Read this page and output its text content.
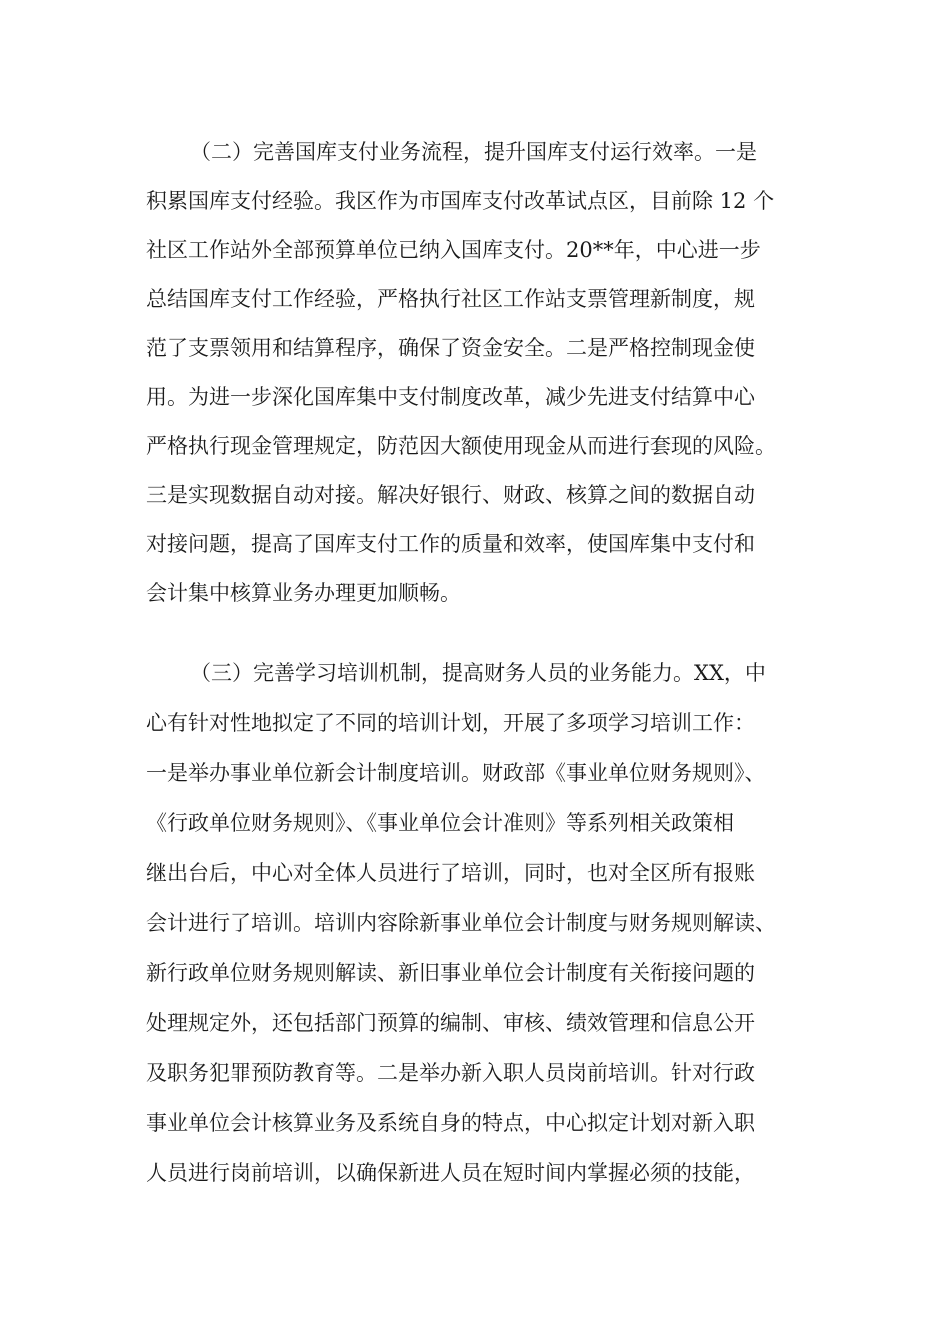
（二）完善国库支付业务流程，提升国库支付运行效率。一是
积累国库支付经验。我区作为市国库支付改革试点区，目前除 12 个
社区工作站外全部预算单位已纳入国库支付。20**年，中心进一步
总结国库支付工作经验，严格执行社区工作站支票管理新制度，规
范了支票领用和结算程序，确保了资金安全。二是严格控制现金使
用。为进一步深化国库集中支付制度改革，减少先进支付结算中心
严格执行现金管理规定，防范因大额使用现金从而进行套现的风险。
三是实现数据自动对接。解决好银行、财政、核算之间的数据自动
对接问题，提高了国库支付工作的质量和效率，使国库集中支付和
会计集中核算业务办理更加顺畅。
（三）完善学习培训机制，提高财务人员的业务能力。XX，中
心有针对性地拟定了不同的培训计划，开展了多项学习培训工作：
一是举办事业单位新会计制度培训。财政部《事业单位财务规则》、
《行政单位财务规则》、《事业单位会计准则》等系列相关政策相
继出台后，中心对全体人员进行了培训，同时，也对全区所有报账
会计进行了培训。培训内容除新事业单位会计制度与财务规则解读、
新行政单位财务规则解读、新旧事业单位会计制度有关衔接问题的
处理规定外，还包括部门预算的编制、审核、绩效管理和信息公开
及职务犯罪预防教育等。二是举办新入职人员岗前培训。针对行政
事业单位会计核算业务及系统自身的特点，中心拟定计划对新入职
人员进行岗前培训，以确保新进人员在短时间内掌握必须的技能，
